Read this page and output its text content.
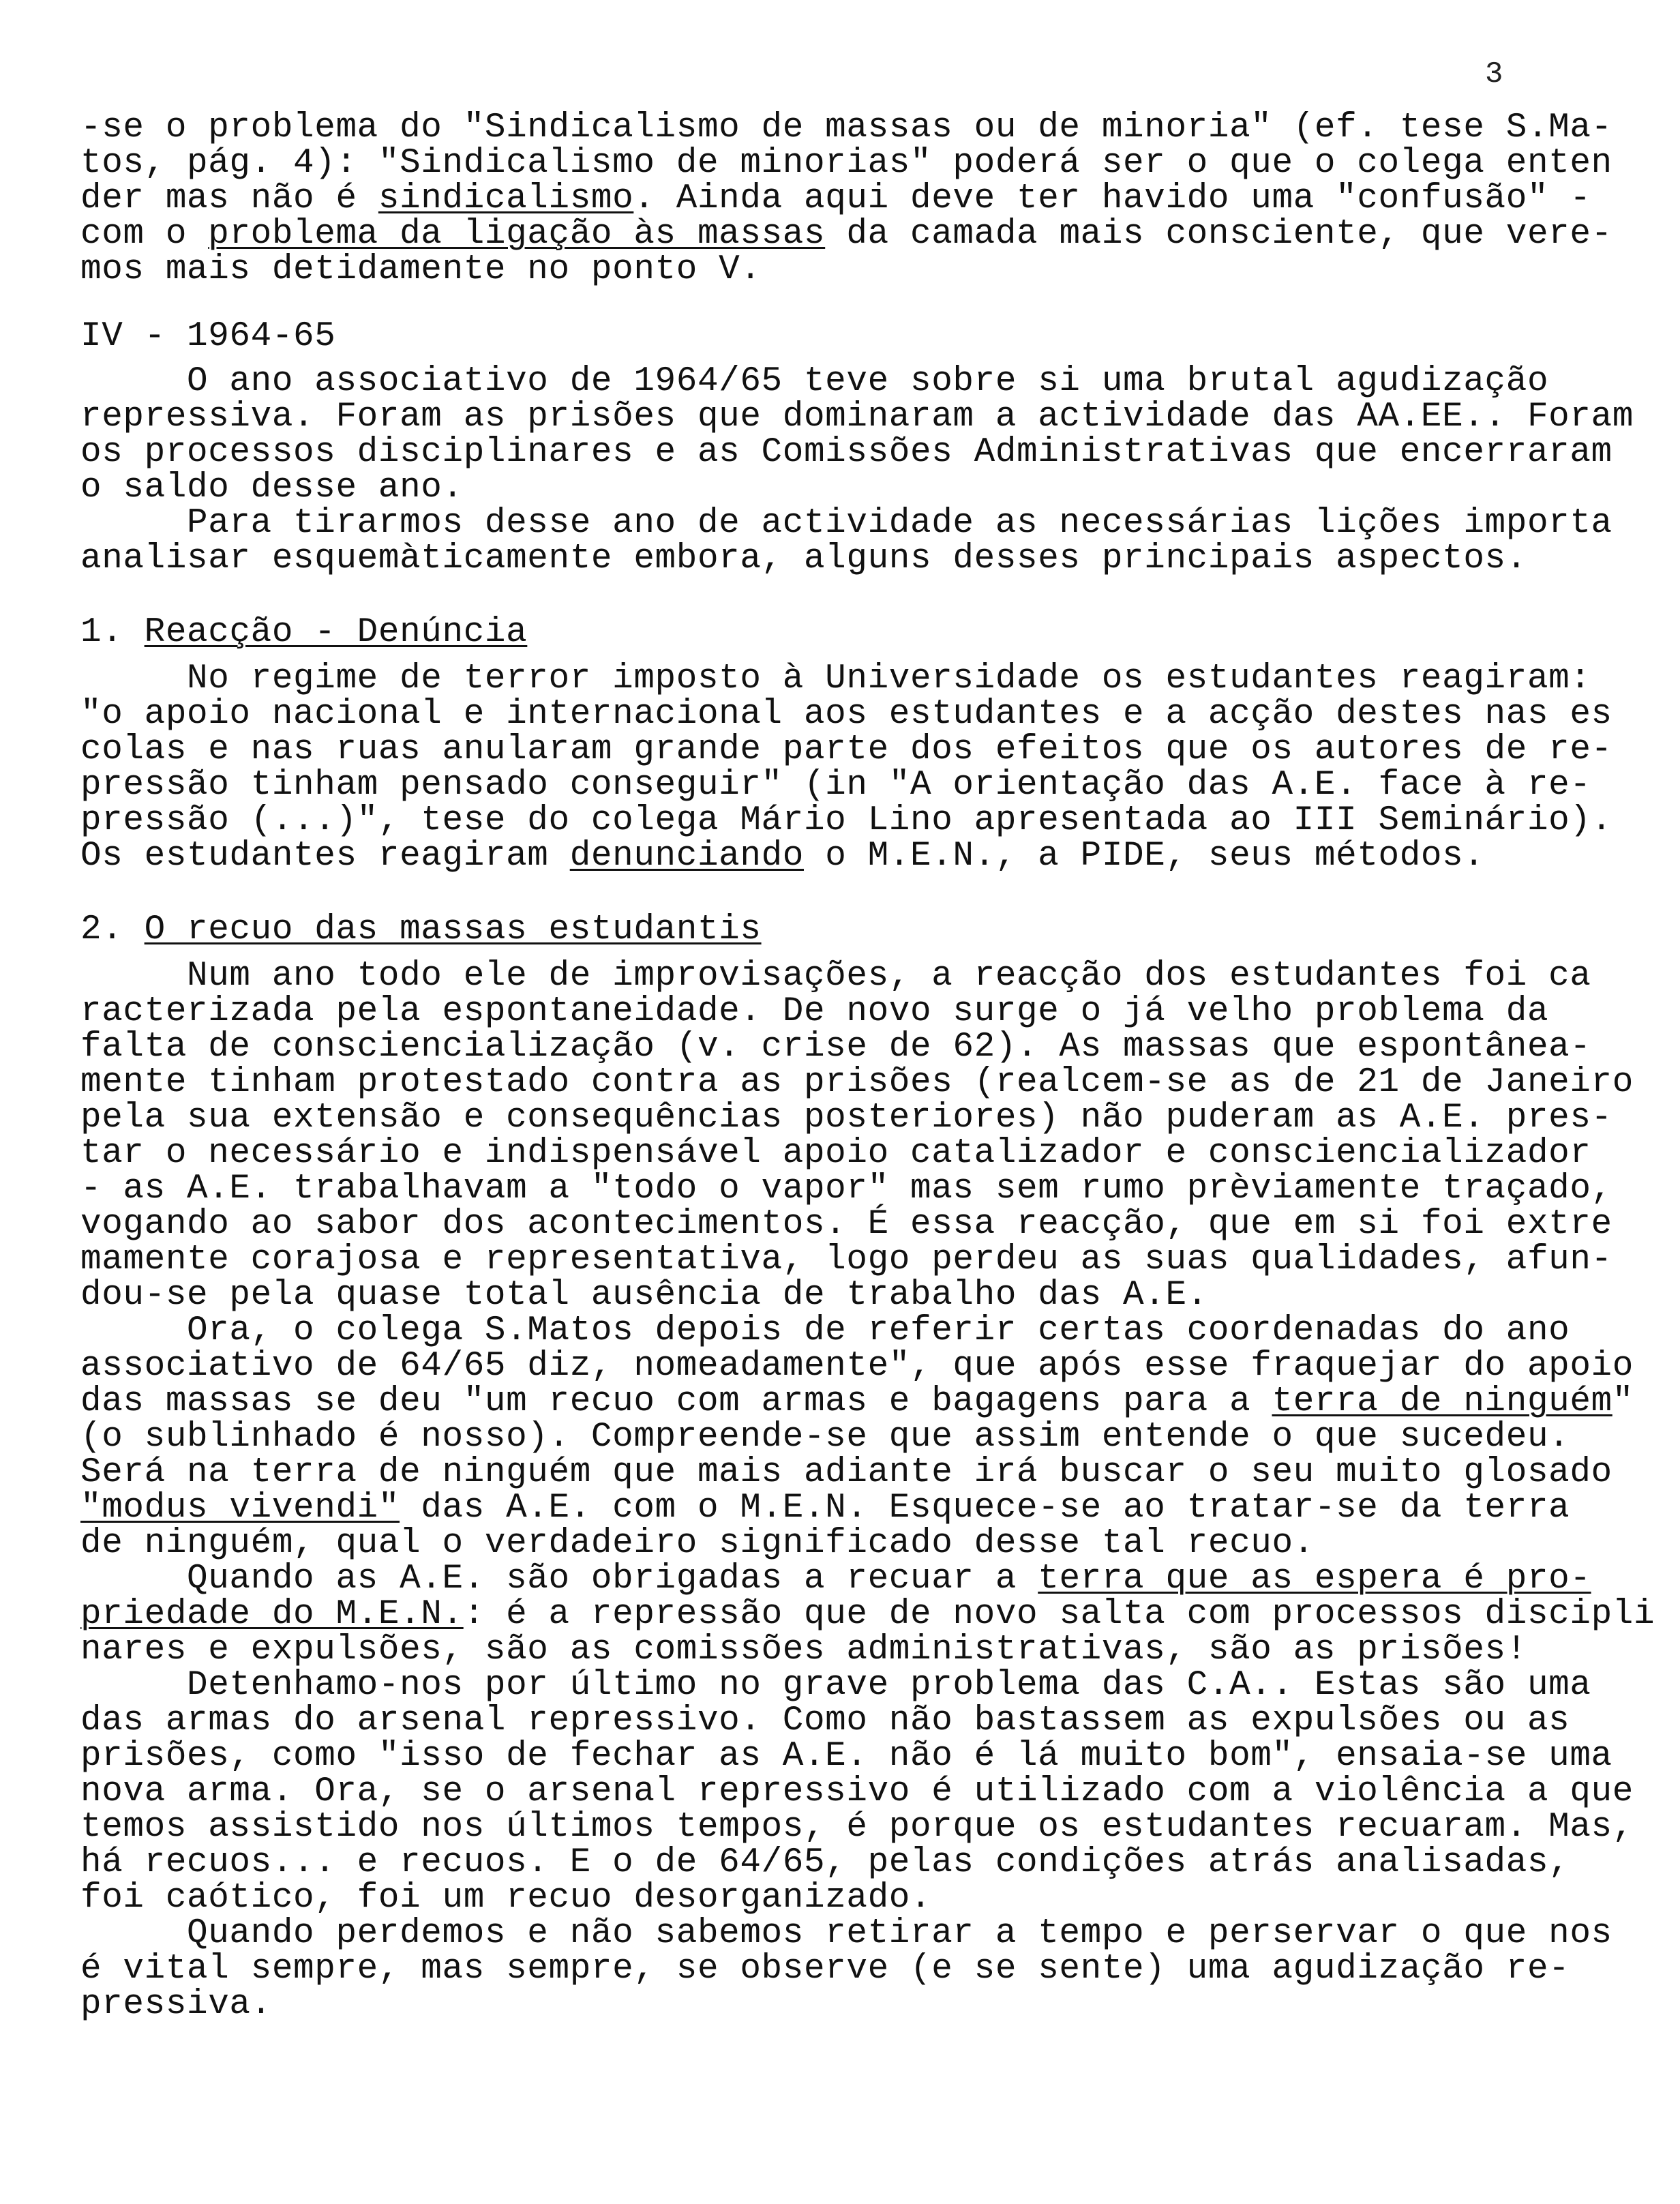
3
-se o problema do "Sindicalismo de massas ou de minoria" (ef. tese S.Ma-
tos, pág. 4): "Sindicalismo de minorias" poderá ser o que o colega enten
der mas não é sindicalismo. Ainda aqui deve ter havido uma "confusão" -
com o problema da ligação às massas da camada mais consciente, que vere-
mos mais detidamente no ponto V.
IV - 1964-65
O ano associativo de 1964/65 teve sobre si uma brutal agudização
repressiva. Foram as prisões que dominaram a actividade das AA.EE.. Foram
os processos disciplinares e as Comissões Administrativas que encerraram
o saldo desse ano.
Para tirarmos desse ano de actividade as necessárias lições importa
analisar esquemàticamente embora, alguns desses principais aspectos.
1. Reacção - Denúncia
No regime de terror imposto à Universidade os estudantes reagiram:
"o apoio nacional e internacional aos estudantes e a acção destes nas es
colas e nas ruas anularam grande parte dos efeitos que os autores de re-
pressão tinham pensado conseguir" (in "A orientação das A.E. face à re-
pressão (...)", tese do colega Mário Lino apresentada ao III Seminário).
Os estudantes reagiram denunciando o M.E.N., a PIDE, seus métodos.
2. O recuo das massas estudantis
Num ano todo ele de improvisações, a reacção dos estudantes foi ca
racterizada pela espontaneidade. De novo surge o já velho problema da
falta de consciencialização (v. crise de 62). As massas que espontânea-
mente tinham protestado contra as prisões (realcem-se as de 21 de Janeiro
pela sua extensão e consequências posteriores) não puderam as A.E. pres-
tar o necessário e indispensável apoio catalizador e consciencializador
- as A.E. trabalhavam a "todo o vapor" mas sem rumo prèviamente traçado,
vogando ao sabor dos acontecimentos. É essa reacção, que em si foi extre
mamente corajosa e representativa, logo perdeu as suas qualidades, afun-
dou-se pela quase total ausência de trabalho das A.E.
Ora, o colega S.Matos depois de referir certas coordenadas do ano
associativo de 64/65 diz, nomeadamente", que após esse fraquejar do apoio
das massas se deu "um recuo com armas e bagagens para a terra de ninguém"
(o sublinhado é nosso). Compreende-se que assim entende o que sucedeu.
Será na terra de ninguém que mais adiante irá buscar o seu muito glosado
"modus vivendi" das A.E. com o M.E.N. Esquece-se ao tratar-se da terra
de ninguém, qual o verdadeiro significado desse tal recuo.
Quando as A.E. são obrigadas a recuar a terra que as espera é pro-
priedade do M.E.N.: é a repressão que de novo salta com processos discipli
nares e expulsões, são as comissões administrativas, são as prisões!
Detenhamo-nos por último no grave problema das C.A.. Estas são uma
das armas do arsenal repressivo. Como não bastassem as expulsões ou as
prisões, como "isso de fechar as A.E. não é lá muito bom", ensaia-se uma
nova arma. Ora, se o arsenal repressivo é utilizado com a violência a que
temos assistido nos últimos tempos, é porque os estudantes recuaram. Mas,
há recuos... e recuos. E o de 64/65, pelas condições atrás analisadas,
foi caótico, foi um recuo desorganizado.
Quando perdemos e não sabemos retirar a tempo e perservar o que nos
é vital sempre, mas sempre, se observe (e se sente) uma agudização re-
pressiva.
